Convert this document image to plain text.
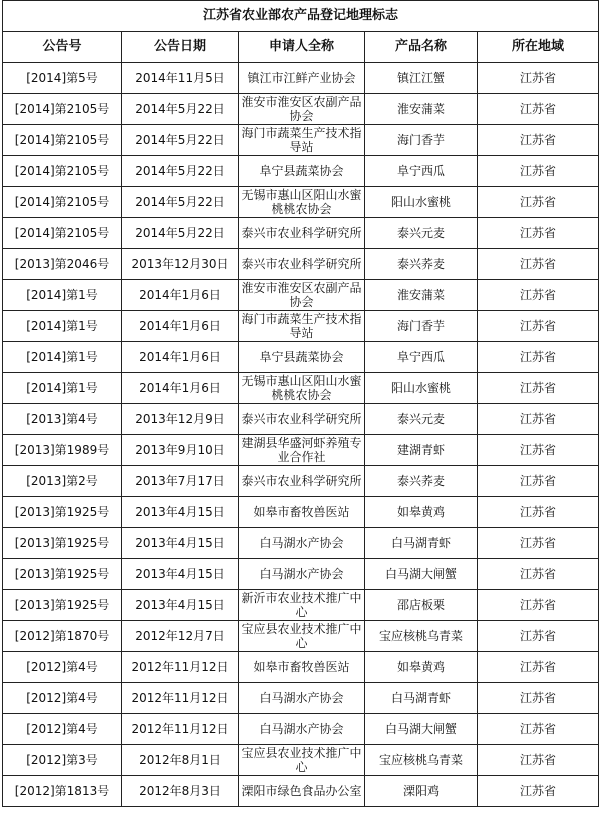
江苏省农业部农产品登记地理标志				
公告号	公告日期	申请人全称	产品名称	所在地域
[2014]第5号	2014年11月5日	镇江市江鲜产业协会	镇江江蟹	江苏省
[2014]第2105号	2014年5月22日	淮安市淮安区农副产品协会	淮安蒲菜	江苏省
[2014]第2105号	2014年5月22日	海门市蔬菜生产技术指导站	海门香芋	江苏省
[2014]第2105号	2014年5月22日	阜宁县蔬菜协会	阜宁西瓜	江苏省
[2014]第2105号	2014年5月22日	无锡市惠山区阳山水蜜桃桃农协会	阳山水蜜桃	江苏省
[2014]第2105号	2014年5月22日	泰兴市农业科学研究所	泰兴元麦	江苏省
[2013]第2046号	2013年12月30日	泰兴市农业科学研究所	泰兴荞麦	江苏省
[2014]第1号	2014年1月6日	淮安市淮安区农副产品协会	淮安蒲菜	江苏省
[2014]第1号	2014年1月6日	海门市蔬菜生产技术指导站	海门香芋	江苏省
[2014]第1号	2014年1月6日	阜宁县蔬菜协会	阜宁西瓜	江苏省
[2014]第1号	2014年1月6日	无锡市惠山区阳山水蜜桃桃农协会	阳山水蜜桃	江苏省
[2013]第4号	2013年12月9日	泰兴市农业科学研究所	泰兴元麦	江苏省
[2013]第1989号	2013年9月10日	建湖县华盛河虾养殖专业合作社	建湖青虾	江苏省
[2013]第2号	2013年7月17日	泰兴市农业科学研究所	泰兴荞麦	江苏省
[2013]第1925号	2013年4月15日	如皋市畜牧兽医站	如皋黄鸡	江苏省
[2013]第1925号	2013年4月15日	白马湖水产协会	白马湖青虾	江苏省
[2013]第1925号	2013年4月15日	白马湖水产协会	白马湖大闸蟹	江苏省
[2013]第1925号	2013年4月15日	新沂市农业技术推广中心	邵店板栗	江苏省
[2012]第1870号	2012年12月7日	宝应县农业技术推广中心	宝应核桃乌青菜	江苏省
[2012]第4号	2012年11月12日	如皋市畜牧兽医站	如皋黄鸡	江苏省
[2012]第4号	2012年11月12日	白马湖水产协会	白马湖青虾	江苏省
[2012]第4号	2012年11月12日	白马湖水产协会	白马湖大闸蟹	江苏省
[2012]第3号	2012年8月1日	宝应县农业技术推广中心	宝应核桃乌青菜	江苏省
[2012]第1813号	2012年8月3日	溧阳市绿色食品办公室	溧阳鸡	江苏省
